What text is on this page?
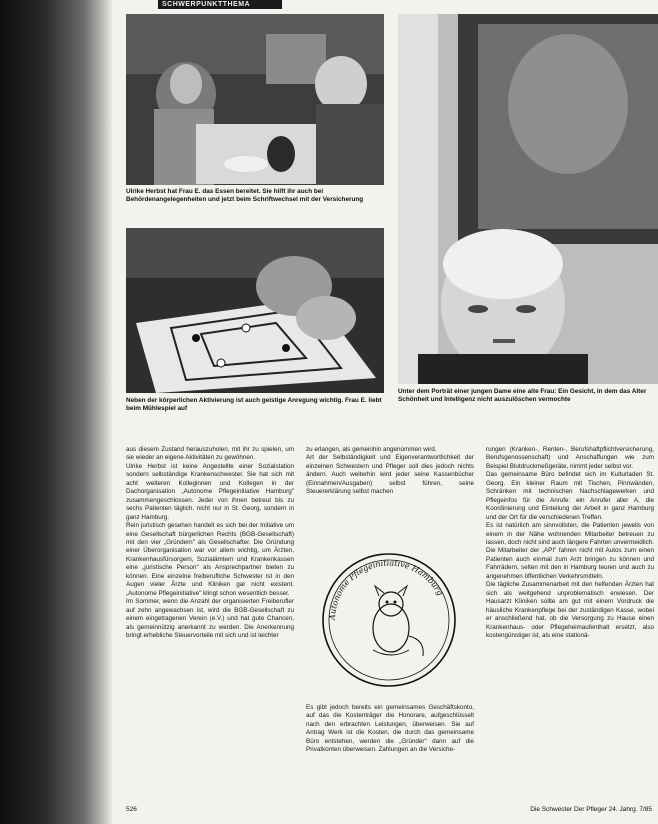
SCHWERPUNKTTHEMA
Ulrike Herbst hat Frau E. das Essen bereitet. Sie hilft ihr auch bei Behördenangelegenheiten und jetzt beim Schriftwechsel mit der Versicherung
Neben der körperlichen Aktivierung ist auch geistige Anregung wichtig. Frau E. liebt beim Mühlespiel auf
Unter dem Porträt einer jungen Dame eine alte Frau: Ein Gesicht, in dem das Alter Schönheit und Intelligenz nicht auszulöschen vermochte

aus diesem Zustand herauszuholen, mit ihr zu spielen, um sie wieder an eigene Aktivitäten zu gewöhnen.

Ulrike Herbst ist keine Angestellte einer Sozialstation sondern selbständige Krankenschwester. Sie hat sich mit acht weiteren Kolleginnen und Kollegen in der Dachorganisation „Autonome Pflegeinitiative Hamburg" zusammengeschlossen. Jeder von ihnen betreut bis zu sechs Patienten täglich, nicht nur in St. Georg, sondern in ganz Hamburg.

Rein juristisch gesehen handelt es sich bei der Initiative um eine Gesellschaft bürgerlichen Rechts (BGB-Gesellschaft) mit den vier „Gründern" als Gesellschafter. Die Gründung einer Überorganisation war vor allem wichtig, um Ärzten, Krankenhausfürsorgern, Sozialämtern und Krankenkassen eine „juristische Person" als Ansprechpartner bieten zu können. Eine einzelne freiberufliche Schwester ist in den Augen vieler Ärzte und Kliniken gar nicht existent. „Autonome Pflegeinitiative" klingt schon wesentlich besser.

Im Sommer, wenn die Anzahl der organisierten Freiberufler auf zehn angewachsen ist, wird die BGB-Gesellschaft zu einem eingetragenen Verein (e.V.) und hat gute Chancen, als gemeinnützig anerkannt zu werden. Die Anerkennung bringt erhebliche Steuervorteile mit sich und ist leichter

zu erlangen, als gemeinhin angenommen wird.

Art der Selbständigkeit und Eigenverantwortlichkeit der einzelnen Schwestern und Pfleger soll dies jedoch nichts ändern. Auch weiterhin wird jeder seine Kassenbücher (Einnahmen/Ausgaben) selbst führen, seine Steuererklärung selbst machen

Autonome Pflegeinitiative Hamburg

Es gibt jedoch bereits ein gemeinsames Geschäftskonto, auf das die Kostenträger die Honorare, aufgeschlüsselt nach den erbrachten Leistungen, überweisen. Sie auf Antrag Werk ist die Kosten, die durch das gemeinsame Büro entstehen, werden die „Gründer" dann auf die Privatkonten überweisen. Zahlungen an die Versiche-

rungen (Kranken-, Renten-, Berufshaftpflichtversicherung, Berufsgenossenschaft) und Anschaffungen wie zum Beispiel Blutdruckmeßgeräte, nimmt jeder selbst vor.

Das gemeinsame Büro befindet sich im Kulturladen St. Georg. Ein kleiner Raum mit Tischen, Pinnwänden, Schränken mit technischen Nachschlagewerken und Pflegeinfos für die Anrufe: ein Anrufer aller A, die Koordinierung und Einteilung der Arbeit in ganz Hamburg und der Ort für die verschiedenen Treffen.

Es ist natürlich am sinnvollsten, die Patienten jeweils von einem in der Nähe wohnenden Mitarbeiter betreuen zu lassen, doch nicht sind auch längere Fahrten unvermeidlich. Die Mitarbeiter der „API" fahren nicht mit Autos zum einen Patienten auch einmal zum Arzt bringen zu können und Fahrrädern, selten mit den in Hamburg teuren und auch zu angenehmen öffentlichen Verkehrsmitteln.

Die tägliche Zusammenarbeit mit den helfenden Ärzten hat sich als weitgehend unproblematisch erwiesen. Der Hausarzt Kliniken sollte am gut mit einem Vordruck die häusliche Krankenpflege bei der zuständigen Kasse, wobei er anschließend hat, ob die Versorgung zu Hause einen Krankenhaus- oder Pflegeheimaufenthalt ersetzt, also kostengünstiger ist, als eine stationä-

526	Die Schwester Der Pfleger 24. Jahrg. 7/85
